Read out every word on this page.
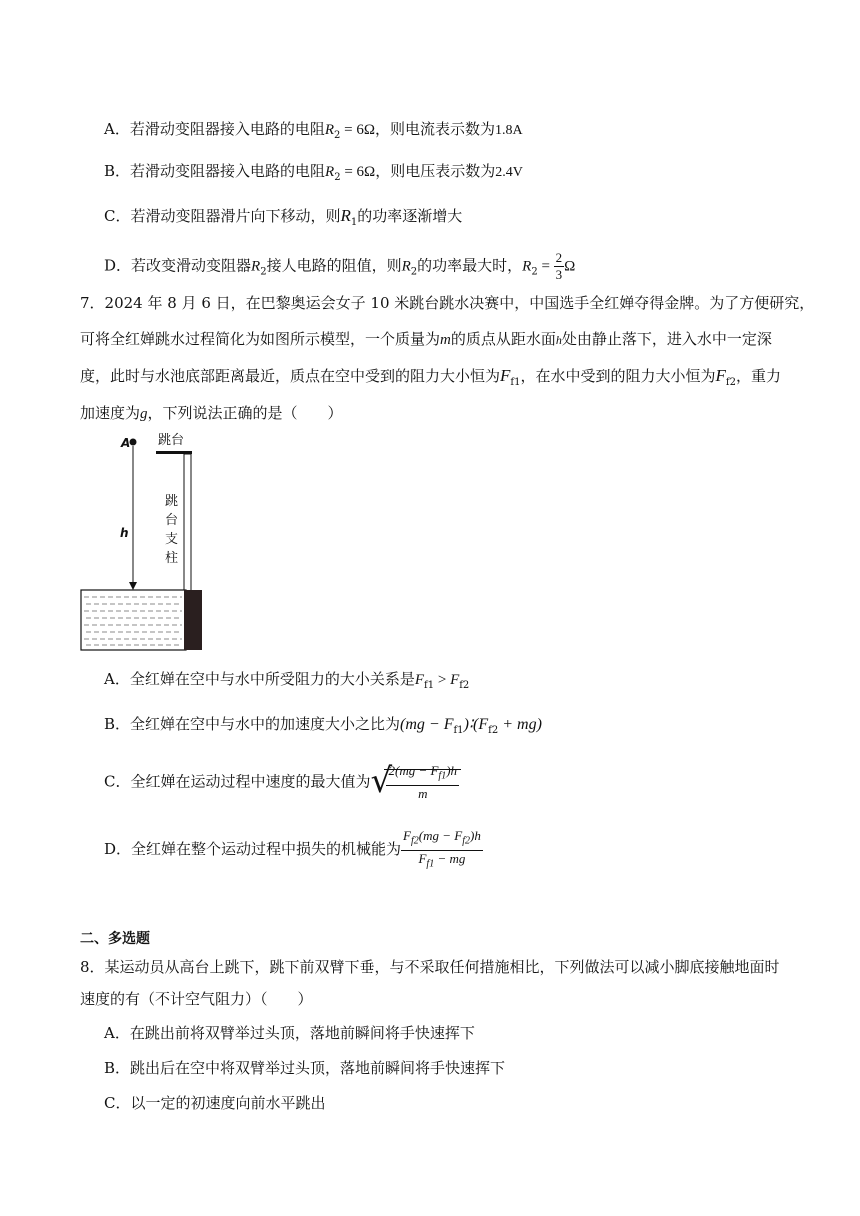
A．若滑动变阻器接入电路的电阻$R_2 = 6\Omega$，则电流表示数为1.8A
B．若滑动变阻器接入电路的电阻$R_2 = 6\Omega$，则电压表示数为2.4V
C．若滑动变阻器滑片向下移动，则$R_1$的功率逐渐增大
D．若改变滑动变阻器$R_2$接人电路的阻值，则$R_2$的功率最大时，$R_2 = \frac{2}{3}$ Ω
7．2024 年 8 月 6 日，在巴黎奥运会女子 10 米跳台跳水决赛中，中国选手全红婵夺得金牌。为了方便研究，
可将全红婵跳水过程简化为如图所示模型，一个质量为m的质点从距水面h处由静止落下，进入水中一定深
度，此时与水池底部距离最近，质点在空中受到的阻力大小恒为$F_{f1}$，在水中受到的阻力大小恒为$F_{f2}$，重力
加速度为g，下列说法正确的是（　　）
A
h
跳台
跳
台
支
柱
A．全红婵在空中与水中所受阻力的大小关系是$F_{f1} > F_{f2}$
B．全红婵在空中与水中的加速度大小之比为$(mg - F_{f1})∶(F_{f2} + mg)$
C．全红婵在运动过程中速度的最大值为 √
$\frac{2(mg - F_{f1})h}{m}$
D．全红婵在整个运动过程中损失的机械能为 $\frac{F_{f2}(mg - F_{f2})h}{F_{f1} - mg}$
二、多选题
8．某运动员从高台上跳下，跳下前双臂下垂，与不采取任何措施相比，下列做法可以减小脚底接触地面时
速度的有（不计空气阻力）（　　）
A．在跳出前将双臂举过头顶，落地前瞬间将手快速挥下
B．跳出后在空中将双臂举过头顶，落地前瞬间将手快速挥下
C．以一定的初速度向前水平跳出
